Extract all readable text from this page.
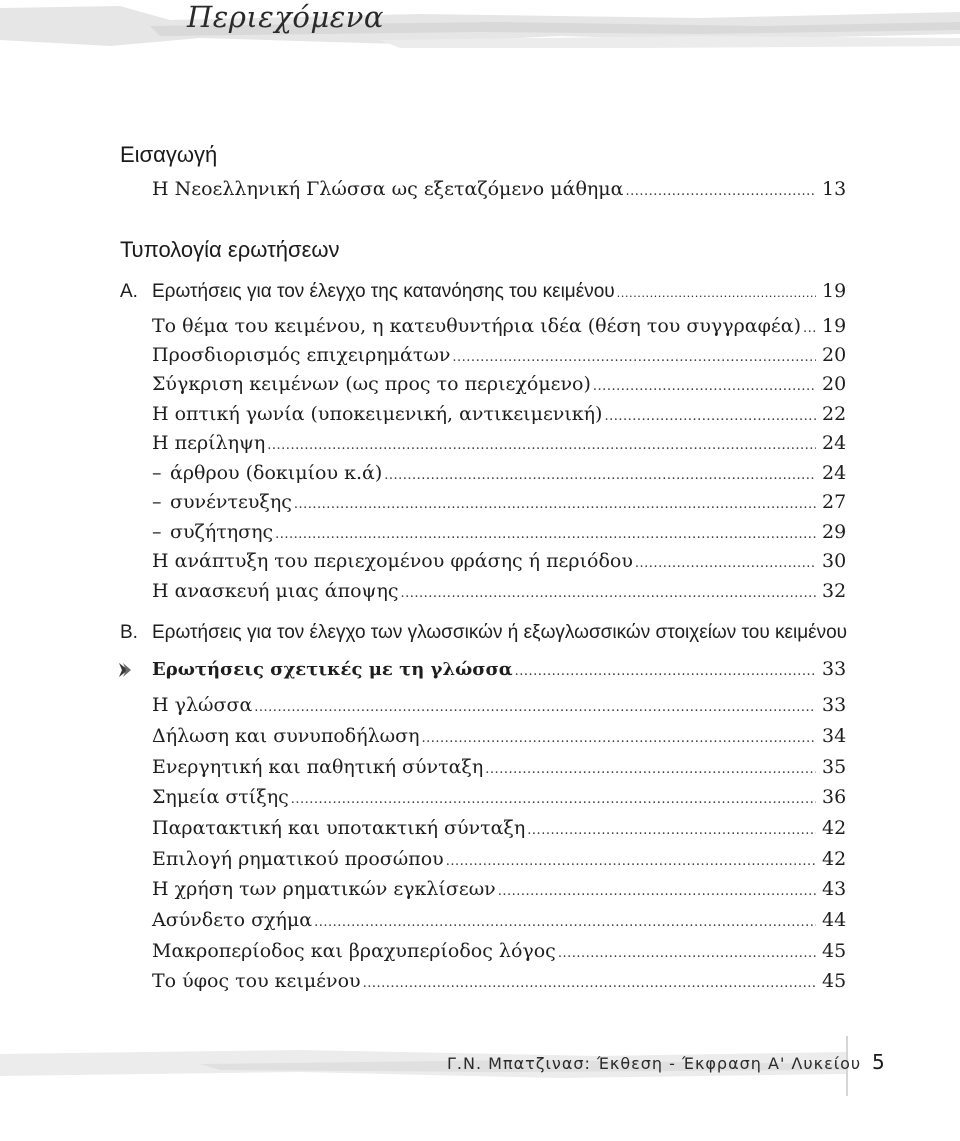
Περιεχόμενα
Εισαγωγή
Η Νεοελληνική Γλώσσα ως εξεταζόμενο μάθημα .....	13
Τυπολογία ερωτήσεων
Α. Ερωτήσεις για τον έλεγχο της κατανόησης του κειμένου .....	19
Το θέμα του κειμένου, η κατευθυντήρια ιδέα (θέση του συγγραφέα) ..... 19
Προσδιορισμός επιχειρημάτων .....	20
Σύγκριση κειμένων (ως προς το περιεχόμενο) .....	20
Η οπτική γωνία (υποκειμενική, αντικειμενική) .....	22
Η περίληψη .....	24
– άρθρου (δοκιμίου κ.ά) .....	24
– συνέντευξης .....	27
– συζήτησης .....	29
Η ανάπτυξη του περιεχομένου φράσης ή περιόδου .....	30
Η ανασκευή μιας άποψης .....	32
Β. Ερωτήσεις για τον έλεγχο των γλωσσικών ή εξωγλωσσικών στοιχείων του κειμένου
Ερωτήσεις σχετικές με τη γλώσσα .....	33
Η γλώσσα .....	33
Δήλωση και συνυποδήλωση .....	34
Ενεργητική και παθητική σύνταξη .....	35
Σημεία στίξης .....	36
Παρατακτική και υποτακτική σύνταξη .....	42
Επιλογή ρηματικού προσώπου .....	42
Η χρήση των ρηματικών εγκλίσεων .....	43
Ασύνδετο σχήμα .....	44
Μακροπερίοδος και βραχυπερίοδος λόγος .....	45
Το ύφος του κειμένου .....	45
Γ.Ν. Μπατζινασ: Έκθεση - Έκφραση Α' Λυκείου 5
